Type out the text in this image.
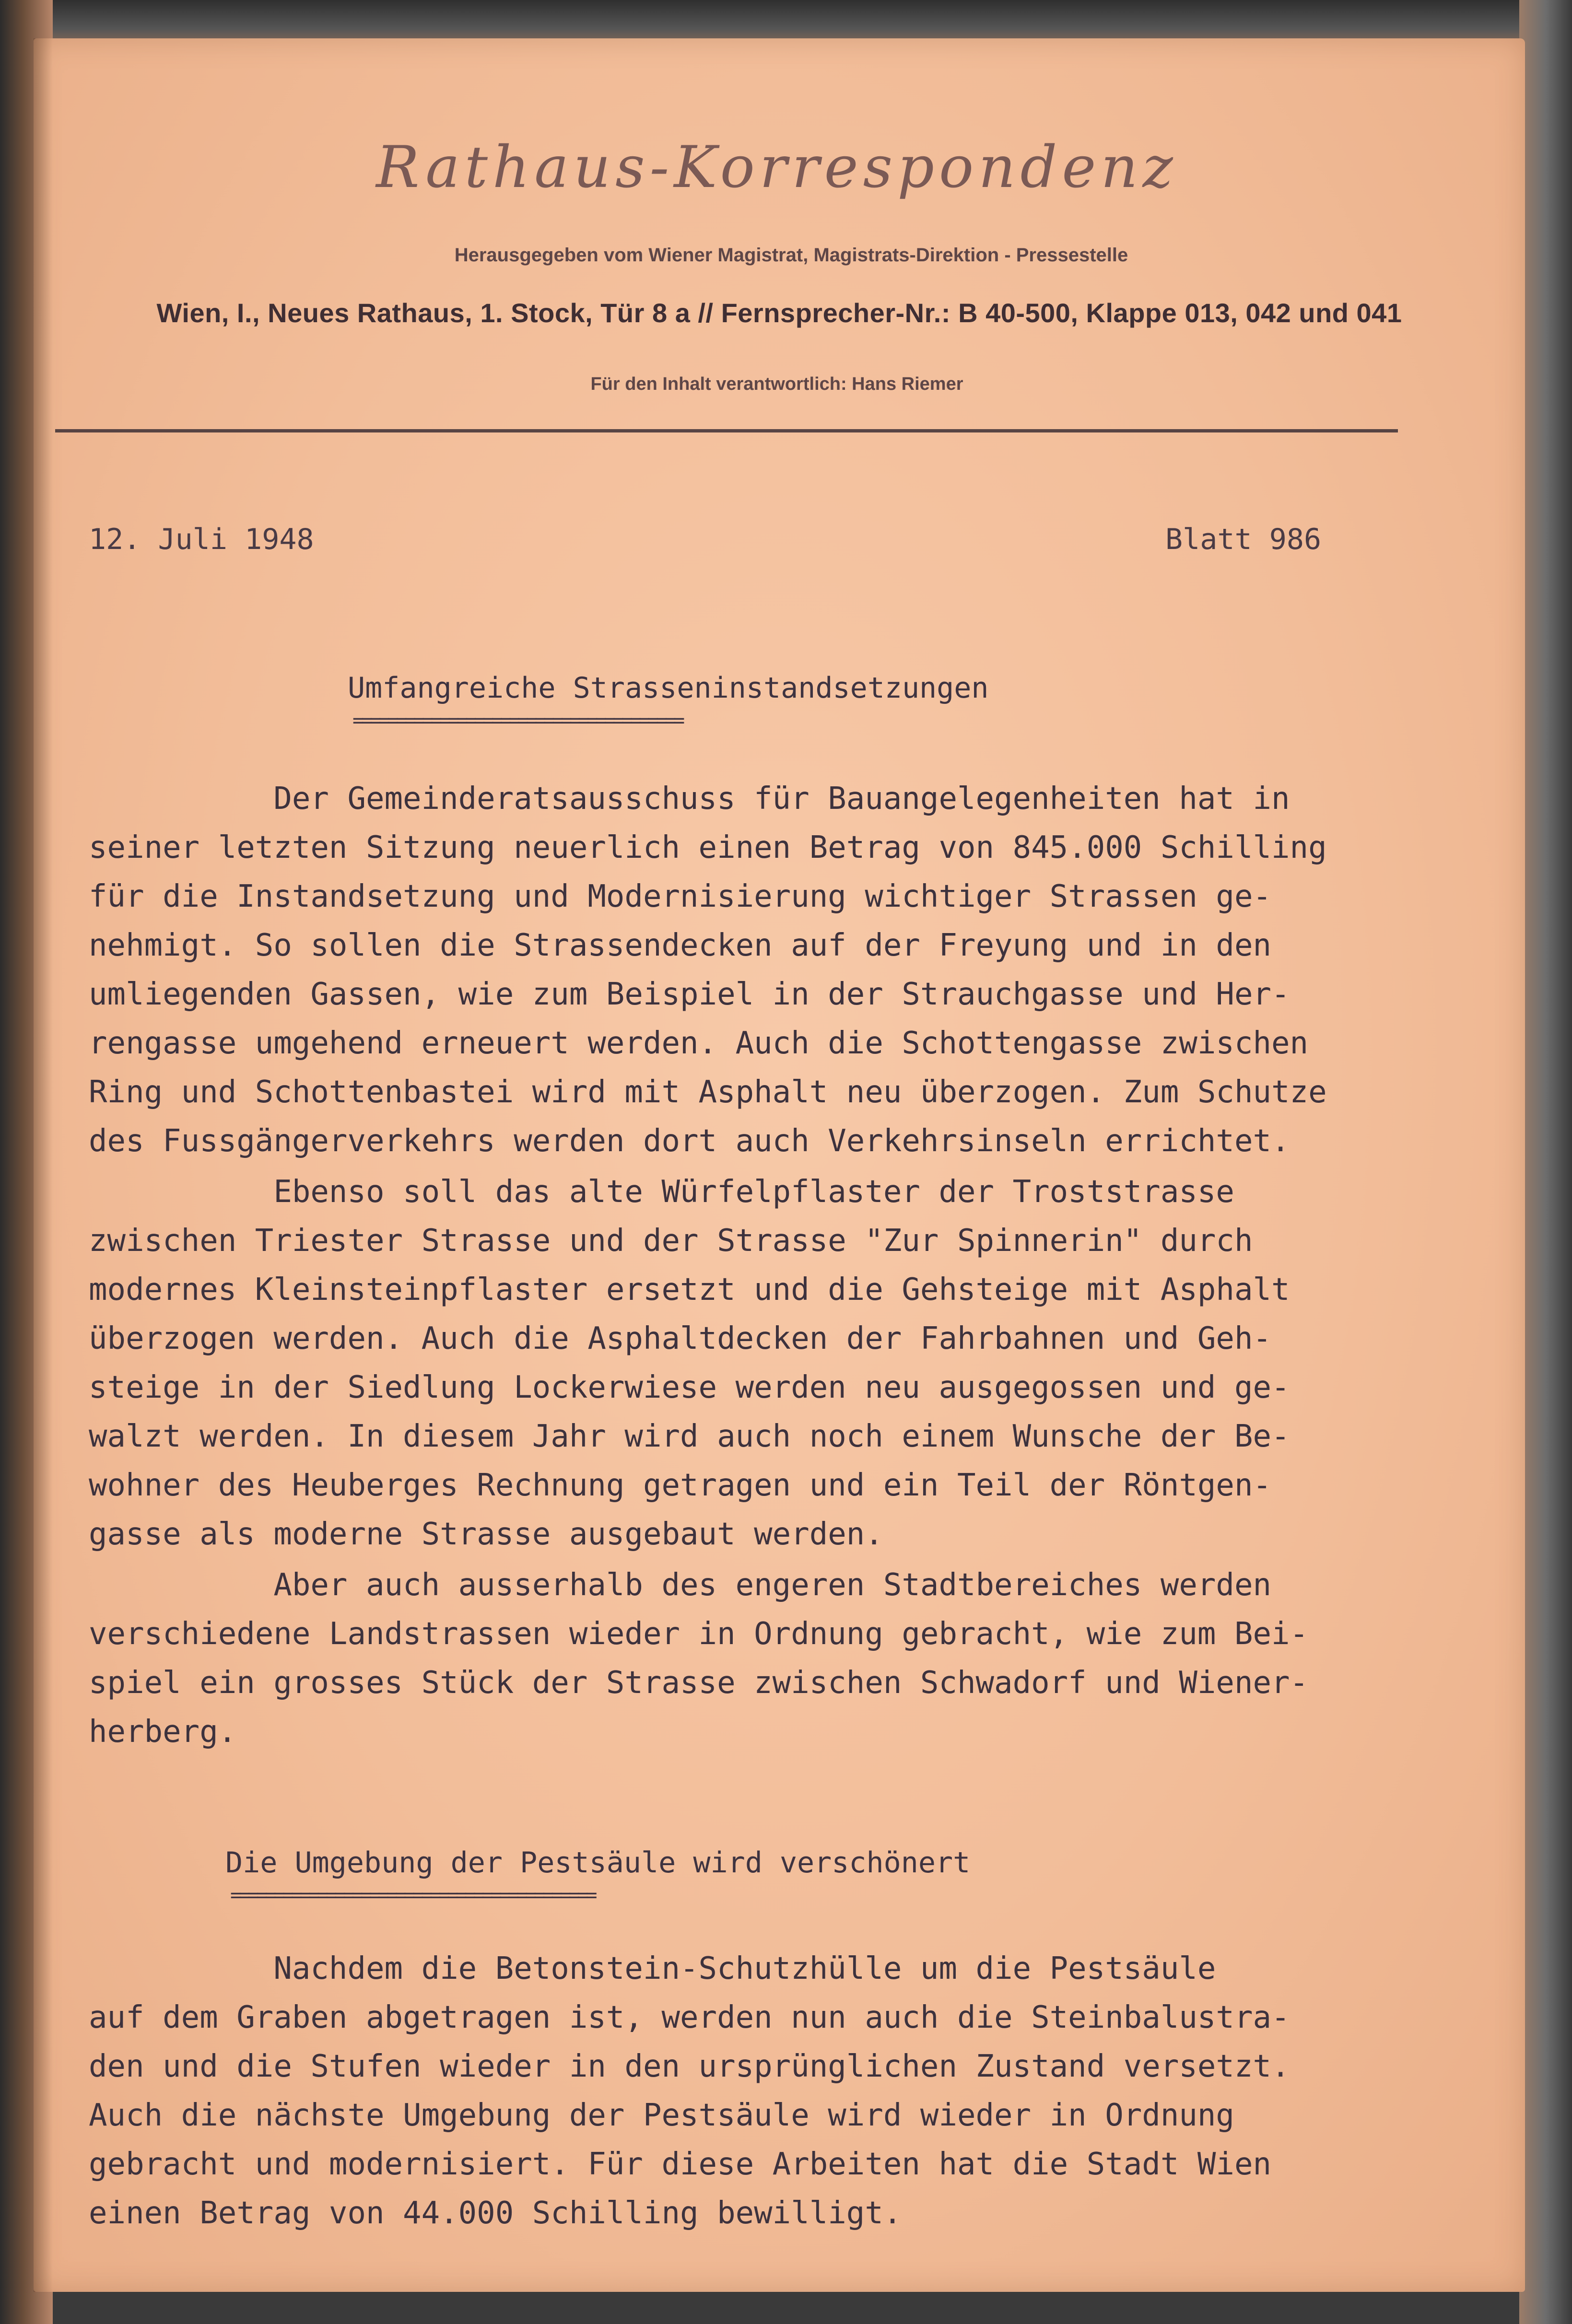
Rathaus-Korrespondenz
Herausgegeben vom Wiener Magistrat, Magistrats-Direktion - Pressestelle
Wien, I., Neues Rathaus, 1. Stock, Tür 8 a // Fernsprecher-Nr.: B 40-500, Klappe 013, 042 und 041
Für den Inhalt verantwortlich: Hans Riemer
12. Juli 1948	Blatt 986
Umfangreiche Strasseninstandsetzungen
======================================
Der Gemeinderatsausschuss für Bauangelegenheiten hat in
seiner letzten Sitzung neuerlich einen Betrag von 845.000 Schilling
für die Instandsetzung und Modernisierung wichtiger Strassen ge-
nehmigt. So sollen die Strassendecken auf der Freyung und in den
umliegenden Gassen, wie zum Beispiel in der Strauchgasse und Her-
rengasse umgehend erneuert werden. Auch die Schottengasse zwischen
Ring und Schottenbastei wird mit Asphalt neu überzogen. Zum Schutze
des Fussgängerverkehrs werden dort auch Verkehrsinseln errichtet.
Ebenso soll das alte Würfelpflaster der Troststrasse
zwischen Triester Strasse und der Strasse "Zur Spinnerin" durch
modernes Kleinsteinpflaster ersetzt und die Gehsteige mit Asphalt
überzogen werden. Auch die Asphaltdecken der Fahrbahnen und Geh-
steige in der Siedlung Lockerwiese werden neu ausgegossen und ge-
walzt werden. In diesem Jahr wird auch noch einem Wunsche der Be-
wohner des Heuberges Rechnung getragen und ein Teil der Röntgen-
gasse als moderne Strasse ausgebaut werden.
Aber auch ausserhalb des engeren Stadtbereiches werden
verschiedene Landstrassen wieder in Ordnung gebracht, wie zum Bei-
spiel ein grosses Stück der Strasse zwischen Schwadorf und Wiener-
herberg.
Die Umgebung der Pestsäule wird verschönert
==========================================
Nachdem die Betonstein-Schutzhülle um die Pestsäule
auf dem Graben abgetragen ist, werden nun auch die Steinbalustra-
den und die Stufen wieder in den ursprünglichen Zustand versetzt.
Auch die nächste Umgebung der Pestsäule wird wieder in Ordnung
gebracht und modernisiert. Für diese Arbeiten hat die Stadt Wien
einen Betrag von 44.000 Schilling bewilligt.
